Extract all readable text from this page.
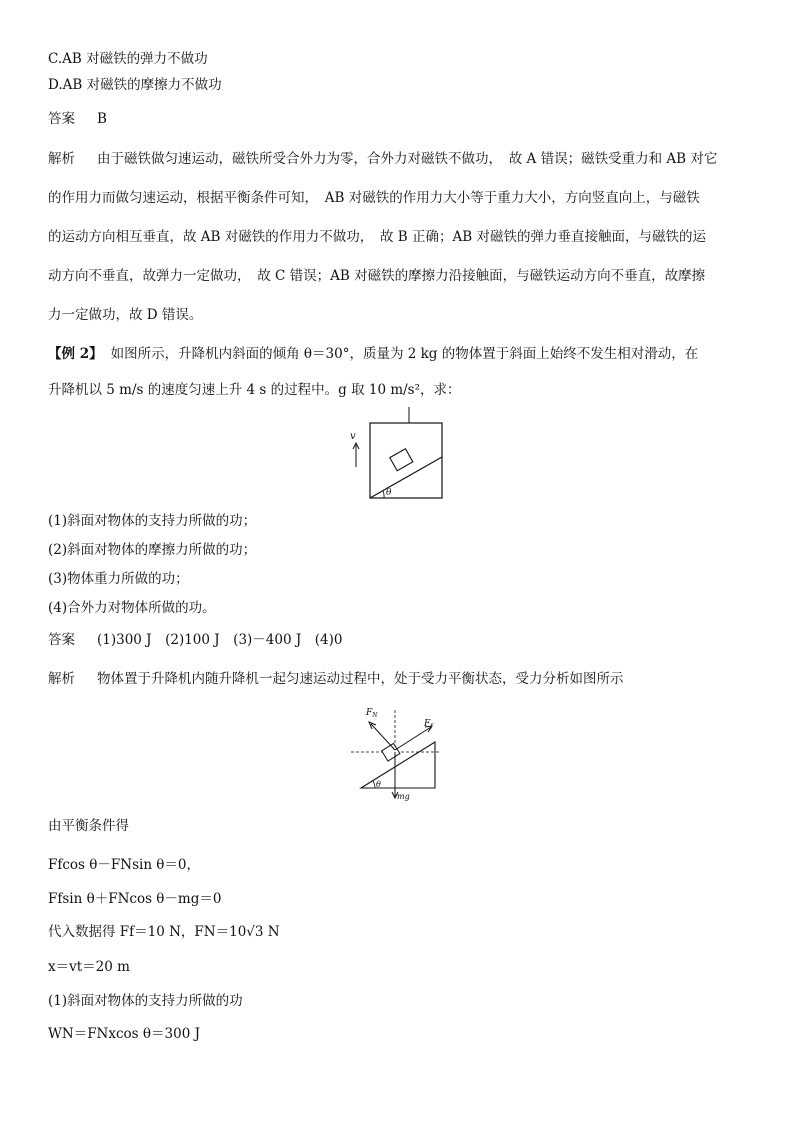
C.AB 对磁铁的弹力不做功
D.AB 对磁铁的摩擦力不做功
答案 B
解析 由于磁铁做匀速运动，磁铁所受合外力为零，合外力对磁铁不做功，　故 A 错误；磁铁受重力和 AB 对它
的作用力而做匀速运动，根据平衡条件可知，　AB 对磁铁的作用力大小等于重力大小，方向竖直向上，与磁铁
的运动方向相互垂直，故 AB 对磁铁的作用力不做功，　故 B 正确；AB 对磁铁的弹力垂直接触面，与磁铁的运
动方向不垂直，故弹力一定做功，　故 C 错误；AB 对磁铁的摩擦力沿接触面，与磁铁运动方向不垂直，故摩擦
力一定做功，故 D 错误。
【例 2】 如图所示，升降机内斜面的倾角 θ＝30°，质量为 2 kg 的物体置于斜面上始终不发生相对滑动，在
升降机以 5 m/s 的速度匀速上升 4 s 的过程中。g 取 10 m/s²，求：
θ
v
(1)斜面对物体的支持力所做的功；
(2)斜面对物体的摩擦力所做的功；
(3)物体重力所做的功；
(4)合外力对物体所做的功。
答案 (1)300 J　(2)100 J　(3)－400 J　(4)0
解析 物体置于升降机内随升降机一起匀速运动过程中，处于受力平衡状态，受力分析如图所示
θ
$F_N$
$F_f$
mg
由平衡条件得
Ffcos θ－FNsin θ＝0，
Ffsin θ＋FNcos θ－mg＝0
代入数据得 Ff＝10 N，FN＝10√3 N
x＝vt＝20 m
(1)斜面对物体的支持力所做的功
WN＝FNxcos θ＝300 J
